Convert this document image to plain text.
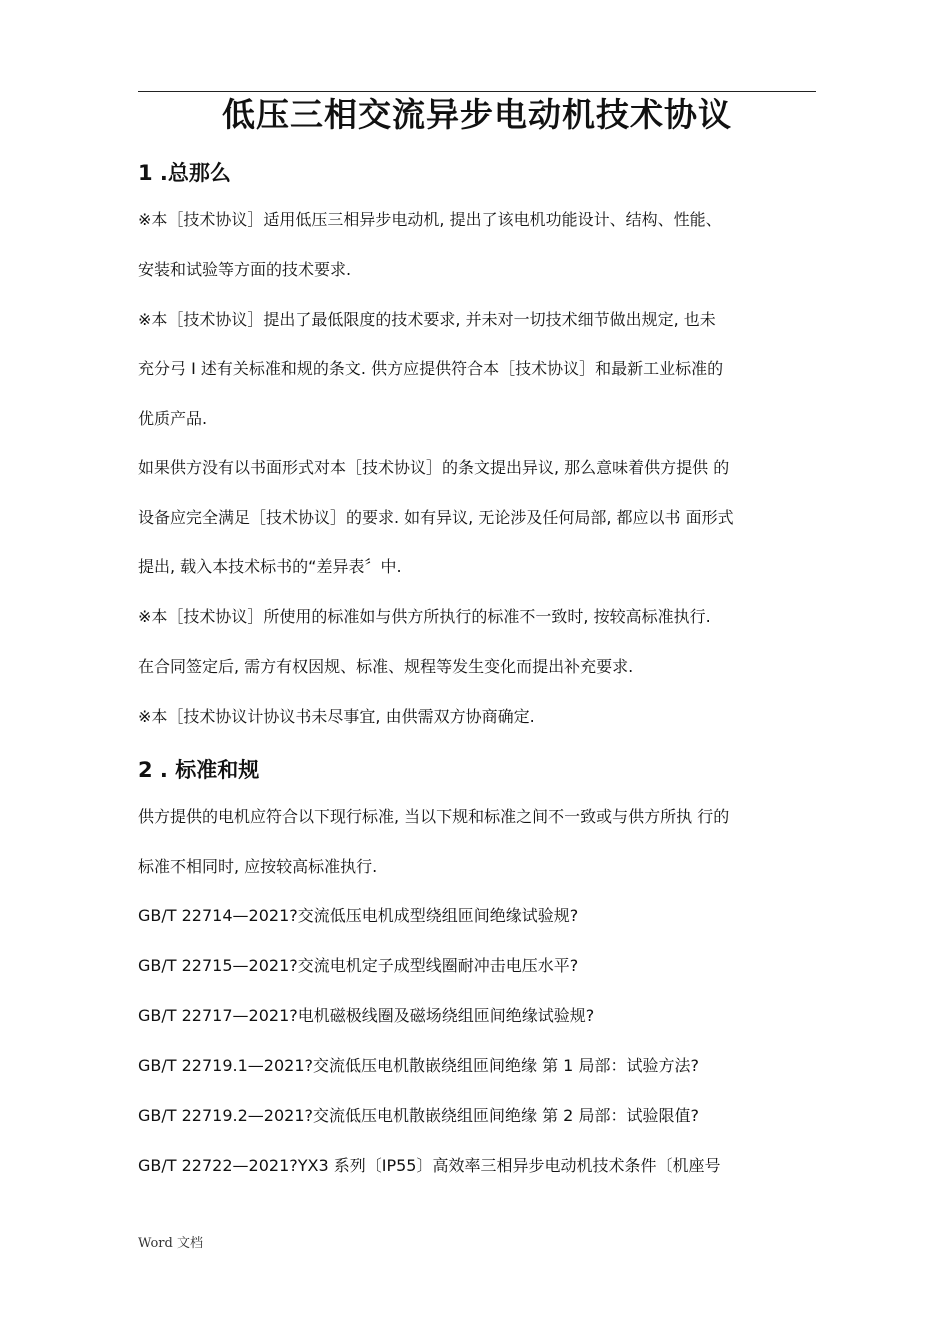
低压三相交流异步电动机技术协议
1 .总那么

※本［技术协议］适用低压三相异步电动机, 提出了该电机功能设计、结构、性能、

安装和试验等方面的技术要求.

※本［技术协议］提出了最低限度的技术要求, 并未对一切技术细节做出规定, 也未

充分弓 I 述有关标准和规的条文. 供方应提供符合本［技术协议］和最新工业标准的

优质产品.

如果供方没有以书面形式对本［技术协议］的条文提出异议, 那么意味着供方提供 的

设备应完全满足［技术协议］的要求. 如有异议, 无论涉及任何局部, 都应以书 面形式

提出, 载入本技术标书的“差异表〞中.

※本［技术协议］所使用的标准如与供方所执行的标准不一致时, 按较高标准执行.

在合同签定后, 需方有权因规、标准、规程等发生变化而提出补充要求.

※本［技术协议计协议书未尽事宜, 由供需双方协商确定.

2 . 标准和规

供方提供的电机应符合以下现行标准, 当以下规和标准之间不一致或与供方所执 行的

标准不相同时, 应按较高标准执行.

GB/T 22714—2021?交流低压电机成型绕组匝间绝缘试验规?

GB/T 22715—2021?交流电机定子成型线圈耐冲击电压水平?

GB/T 22717—2021?电机磁极线圈及磁场绕组匝间绝缘试验规?

GB/T 22719.1—2021?交流低压电机散嵌绕组匝间绝缘 第 1 局部：试验方法?

GB/T 22719.2—2021?交流低压电机散嵌绕组匝间绝缘 第 2 局部：试验限值?

GB/T 22722—2021?YX3 系列〔IP55〕高效率三相异步电动机技术条件〔机座号

Word 文档
